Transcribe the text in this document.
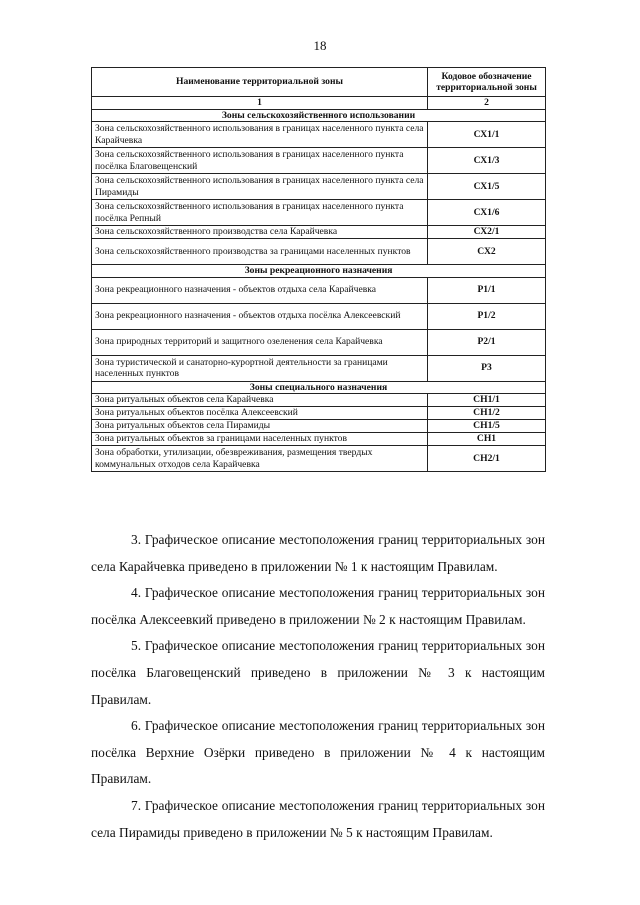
18
Наименование территориальной зоны	Кодовое обозначение территориальной зоны
1	2
Зоны сельскохозяйственного использовании	
Зона сельскохозяйственного использования в границах населенного пункта села Карайчевка	СХ1/1
Зона сельскохозяйственного использования в границах населенного пункта посёлка Благовещенский	СХ1/3
Зона сельскохозяйственного использования в границах населенного пункта села Пирамиды	СХ1/5
Зона сельскохозяйственного использования в границах населенного пункта посёлка Репный	СХ1/6
Зона сельскохозяйственного производства села Карайчевка	СХ2/1
Зона сельскохозяйственного производства за границами населенных пунктов	СХ2
Зоны рекреационного назначения	
Зона рекреационного назначения - объектов отдыха села Карайчевка	Р1/1
Зона рекреационного назначения - объектов отдыха посёлка Алексеевский	Р1/2
Зона природных территорий и защитного озеленения села Карайчевка	Р2/1
Зона туристической и санаторно-курортной деятельности за границами населенных пунктов	Р3
Зоны специального назначения	
Зона ритуальных объектов села Карайчевка	СН1/1
Зона ритуальных объектов посёлка Алексеевский	СН1/2
Зона ритуальных объектов села Пирамиды	СН1/5
Зона ритуальных объектов за границами населенных пунктов	СН1
Зона обработки, утилизации, обезвреживания, размещения твердых коммунальных отходов села Карайчевка	СН2/1

3. Графическое описание местоположения границ территориальных зон села Карайчевка приведено в приложении № 1 к настоящим Правилам.

4. Графическое описание местоположения границ территориальных зон посёлка Алексеевкий приведено в приложении № 2 к настоящим Правилам.

5. Графическое описание местоположения границ территориальных зон посёлка Благовещенский приведено в приложении № 3 к настоящим Правилам.

6. Графическое описание местоположения границ территориальных зон посёлка Верхние Озёрки приведено в приложении № 4 к настоящим Правилам.

7. Графическое описание местоположения границ территориальных зон села Пирамиды приведено в приложении № 5 к настоящим Правилам.
